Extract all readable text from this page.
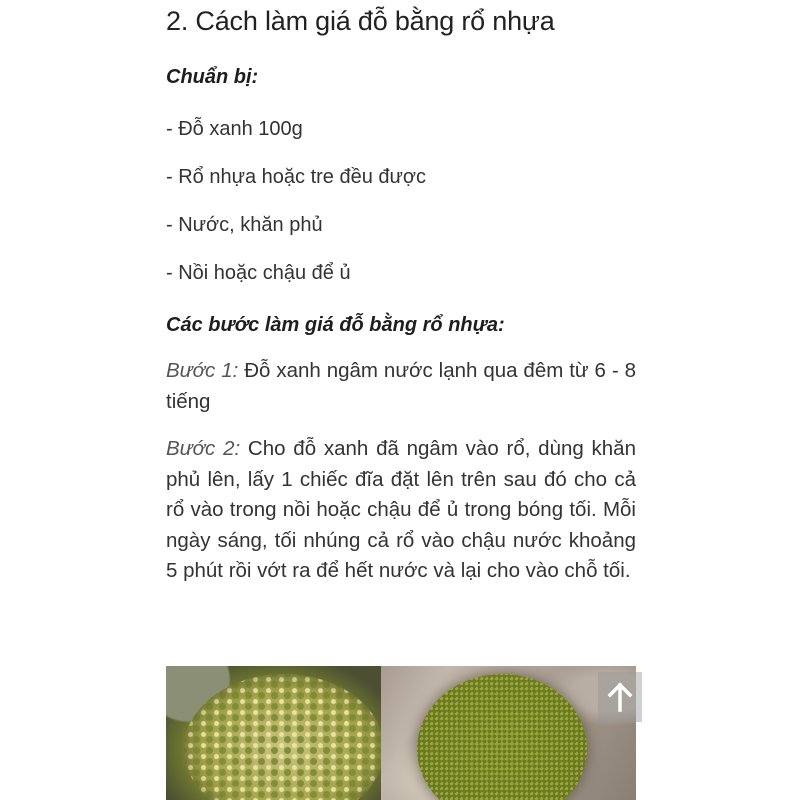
2. Cách làm giá đỗ bằng rổ nhựa
Chuẩn bị:
- Đỗ xanh 100g
- Rổ nhựa hoặc tre đều được
- Nước, khăn phủ
- Nồi hoặc chậu để ủ
Các bước làm giá đỗ bằng rổ nhựa:
Bước 1: Đỗ xanh ngâm nước lạnh qua đêm từ 6 - 8 tiếng
Bước 2: Cho đỗ xanh đã ngâm vào rổ, dùng khăn phủ lên, lấy 1 chiếc đĩa đặt lên trên sau đó cho cả rổ vào trong nồi hoặc chậu để ủ trong bóng tối. Mỗi ngày sáng, tối nhúng cả rổ vào chậu nước khoảng 5 phút rồi vớt ra để hết nước và lại cho vào chỗ tối.
